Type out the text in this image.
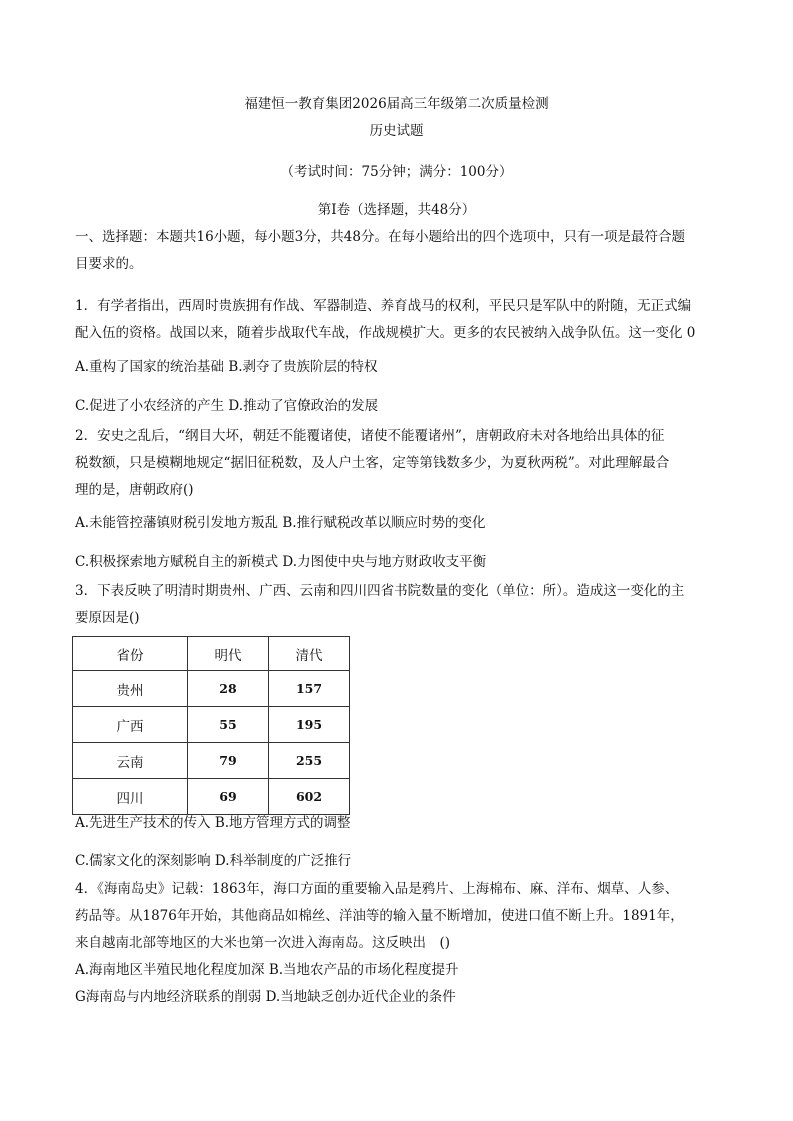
福建恒一教育集团2026届高三年级第二次质量检测
历史试题
（考试时间：75分钟；满分：100分）
第Ⅰ卷（选择题，共48分）
一、选择题：本题共16小题，每小题3分，共48分。在每小题给出的四个选项中，只有一项是最符合题
目要求的。
1．有学者指出，西周时贵族拥有作战、军器制造、养育战马的权利，平民只是军队中的附随，无正式编
配入伍的资格。战国以来，随着步战取代车战，作战规模扩大。更多的农民被纳入战争队伍。这一变化 0
A.重构了国家的统治基础 B.剥夺了贵族阶层的特权
C.促进了小农经济的产生 D.推动了官僚政治的发展
2．安史之乱后，“纲目大坏，朝廷不能覆诸使，诸使不能覆诸州”，唐朝政府未对各地给出具体的征
税数额，只是模糊地规定“据旧征税数，及人户土客，定等第钱数多少，为夏秋两税”。对此理解最合
理的是，唐朝政府()
A.未能管控藩镇财税引发地方叛乱 B.推行赋税改革以顺应时势的变化
C.积极探索地方赋税自主的新模式 D.力图使中央与地方财政收支平衡
3．下表反映了明清时期贵州、广西、云南和四川四省书院数量的变化（单位：所）。造成这一变化的主
要原因是()
省份	明代	清代
贵州	28	157
广西	55	195
云南	79	255
四川	69	602
A.先进生产技术的传入 B.地方管理方式的调整
C.儒家文化的深刻影响 D.科举制度的广泛推行
4．《海南岛史》记载：1863年，海口方面的重要输入品是鸦片、上海棉布、麻、洋布、烟草、人参、
药品等。从1876年开始，其他商品如棉丝、洋油等的输入量不断增加，使进口值不断上升。1891年，
来自越南北部等地区的大米也第一次进入海南岛。这反映出　()
A.海南地区半殖民地化程度加深 B.当地农产品的市场化程度提升
G海南岛与内地经济联系的削弱 D.当地缺乏创办近代企业的条件
